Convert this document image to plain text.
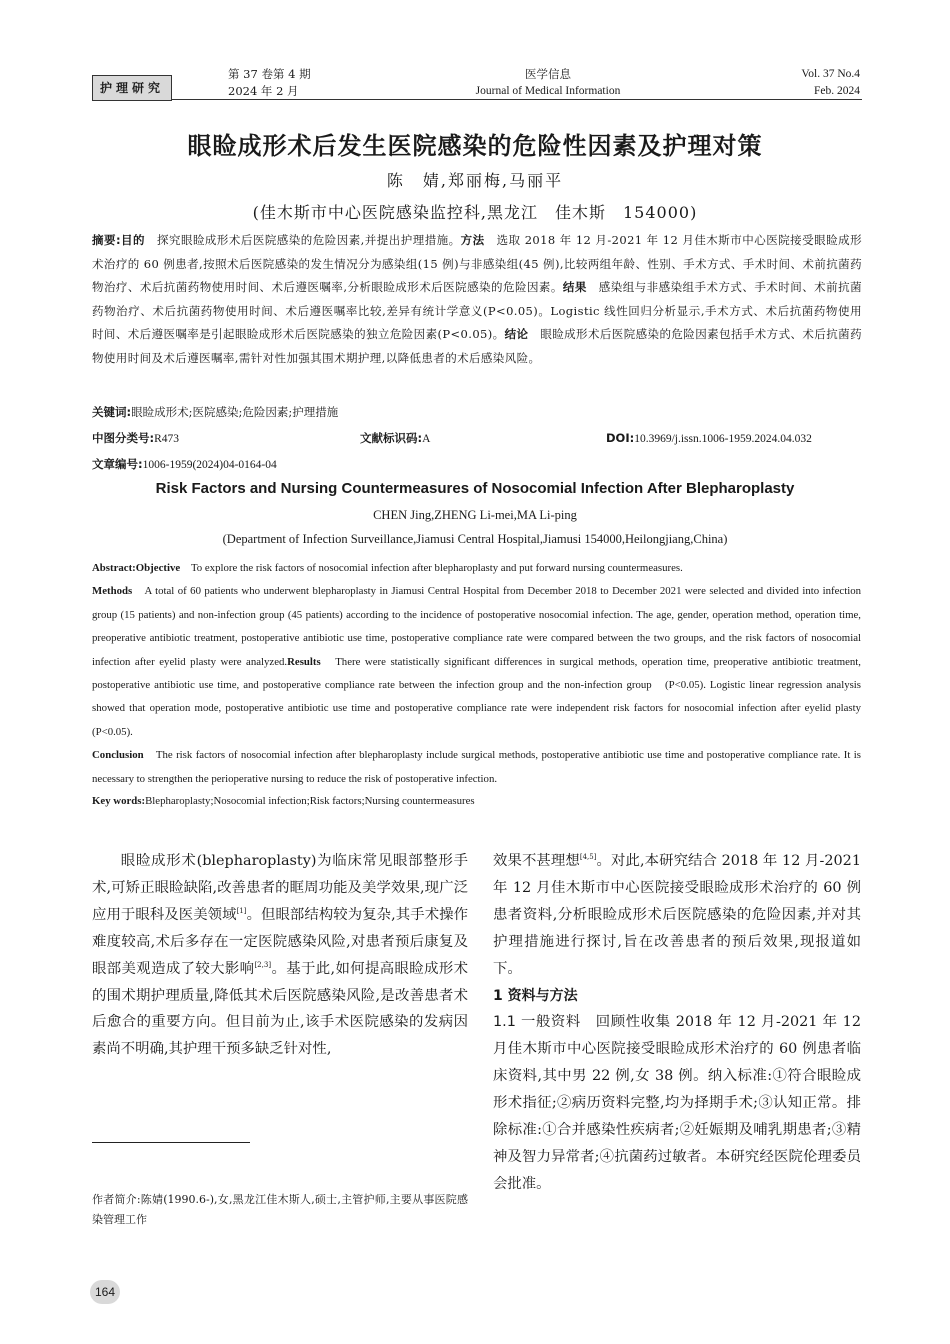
护理研究
第 37 卷第 4 期
2024 年 2 月
医学信息
Journal of Medical Information
Vol. 37 No.4
Feb. 2024
眼睑成形术后发生医院感染的危险性因素及护理对策
陈　婧,郑丽梅,马丽平
(佳木斯市中心医院感染监控科,黑龙江　佳木斯　154000)
摘要:目的　探究眼睑成形术后医院感染的危险因素,并提出护理措施。方法　选取 2018 年 12 月-2021 年 12 月佳木斯市中心医院接受眼睑成形术治疗的 60 例患者,按照术后医院感染的发生情况分为感染组(15 例)与非感染组(45 例),比较两组年龄、性别、手术方式、手术时间、术前抗菌药物治疗、术后抗菌药物使用时间、术后遵医嘱率,分析眼睑成形术后医院感染的危险因素。结果　感染组与非感染组手术方式、手术时间、术前抗菌药物治疗、术后抗菌药物使用时间、术后遵医嘱率比较,差异有统计学意义(P<0.05)。Logistic 线性回归分析显示,手术方式、术后抗菌药物使用时间、术后遵医嘱率是引起眼睑成形术后医院感染的独立危险因素(P<0.05)。结论　眼睑成形术后医院感染的危险因素包括手术方式、术后抗菌药物使用时间及术后遵医嘱率,需针对性加强其围术期护理,以降低患者的术后感染风险。
关键词:眼睑成形术;医院感染;危险因素;护理措施
中图分类号:R473	文献标识码:A	DOI:10.3969/j.issn.1006-1959.2024.04.032
文章编号:1006-1959(2024)04-0164-04
Risk Factors and Nursing Countermeasures of Nosocomial Infection After Blepharoplasty
CHEN Jing,ZHENG Li-mei,MA Li-ping
(Department of Infection Surveillance,Jiamusi Central Hospital,Jiamusi 154000,Heilongjiang,China)
Abstract:Objective　To explore the risk factors of nosocomial infection after blepharoplasty and put forward nursing countermeasures.
Methods　A total of 60 patients who underwent blepharoplasty in Jiamusi Central Hospital from December 2018 to December 2021 were selected and divided into infection group (15 patients) and non-infection group (45 patients) according to the incidence of postoperative nosocomial infection. The age, gender, operation method, operation time, preoperative antibiotic treatment, postoperative antibiotic use time, postoperative compliance rate were compared between the two groups, and the risk factors of nosocomial infection after eyelid plasty were analyzed.Results　There were statistically significant differences in surgical methods, operation time, preoperative antibiotic treatment, postoperative antibiotic use time, and postoperative compliance rate between the infection group and the non-infection group　(P<0.05). Logistic linear regression analysis showed that operation mode, postoperative antibiotic use time and postoperative compliance rate were independent risk factors for nosocomial infection after eyelid plasty (P<0.05).
Conclusion　The risk factors of nosocomial infection after blepharoplasty include surgical methods, postoperative antibiotic use time and postoperative compliance rate. It is necessary to strengthen the perioperative nursing to reduce the risk of postoperative infection.
Key words:Blepharoplasty;Nosocomial infection;Risk factors;Nursing countermeasures

眼睑成形术(blepharoplasty)为临床常见眼部整形手术,可矫正眼睑缺陷,改善患者的眶周功能及美学效果,现广泛应用于眼科及医美领域[1]。但眼部结构较为复杂,其手术操作难度较高,术后多存在一定医院感染风险,对患者预后康复及眼部美观造成了较大影响[2,3]。基于此,如何提高眼睑成形术的围术期护理质量,降低其术后医院感染风险,是改善患者术后愈合的重要方向。但目前为止,该手术医院感染的发病因素尚不明确,其护理干预多缺乏针对性,

效果不甚理想[4,5]。对此,本研究结合 2018 年 12 月-2021 年 12 月佳木斯市中心医院接受眼睑成形术治疗的 60 例患者资料,分析眼睑成形术后医院感染的危险因素,并对其护理措施进行探讨,旨在改善患者的预后效果,现报道如下。

1 资料与方法

1.1 一般资料　回顾性收集 2018 年 12 月-2021 年 12 月佳木斯市中心医院接受眼睑成形术治疗的 60 例患者临床资料,其中男 22 例,女 38 例。纳入标准:①符合眼睑成形术指征;②病历资料完整,均为择期手术;③认知正常。排除标准:①合并感染性疾病者;②妊娠期及哺乳期患者;③精神及智力异常者;④抗菌药过敏者。本研究经医院伦理委员会批准。

作者简介:陈婧(1990.6-),女,黑龙江佳木斯人,硕士,主管护师,主要从事医院感染管理工作
164
